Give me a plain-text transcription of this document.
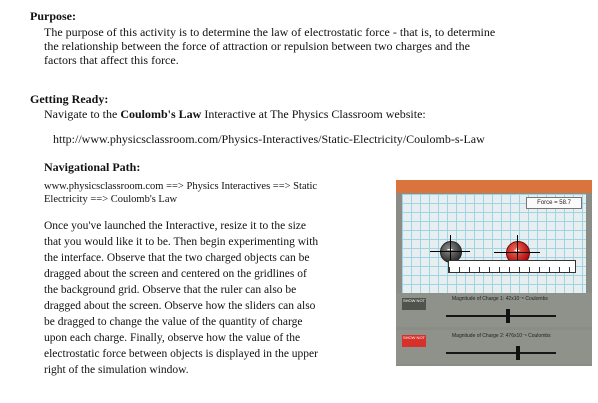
Purpose:
The purpose of this activity is to determine the law of electrostatic force - that is, to determine
the relationship between the force of attraction or repulsion between two charges and the
factors that affect this force.
Getting Ready:
Navigate to the Coulomb's Law Interactive at The Physics Classroom website:
http://www.physicsclassroom.com/Physics-Interactives/Static-Electricity/Coulomb-s-Law
Navigational Path:
www.physicsclassroom.com ==> Physics Interactives ==> Static
Electricity ==> Coulomb's Law
Once you've launched the Interactive, resize it to the size
that you would like it to be. Then begin experimenting with
the interface. Observe that the two charged objects can be
dragged about the screen and centered on the gridlines of
the background grid. Observe that the ruler can also be
dragged about the screen. Observe how the sliders can also
be dragged to change the value of the quantity of charge
upon each charge. Finally, observe how the value of the
electrostatic force between objects is displayed in the upper
right of the simulation window.
Force = 58.7
SHOW NOT	Magnitude of Charge 1: 42x10⁻⁶ Coulombs
SHOW NOT	Magnitude of Charge 2: 476x10⁻⁶ Coulombs
